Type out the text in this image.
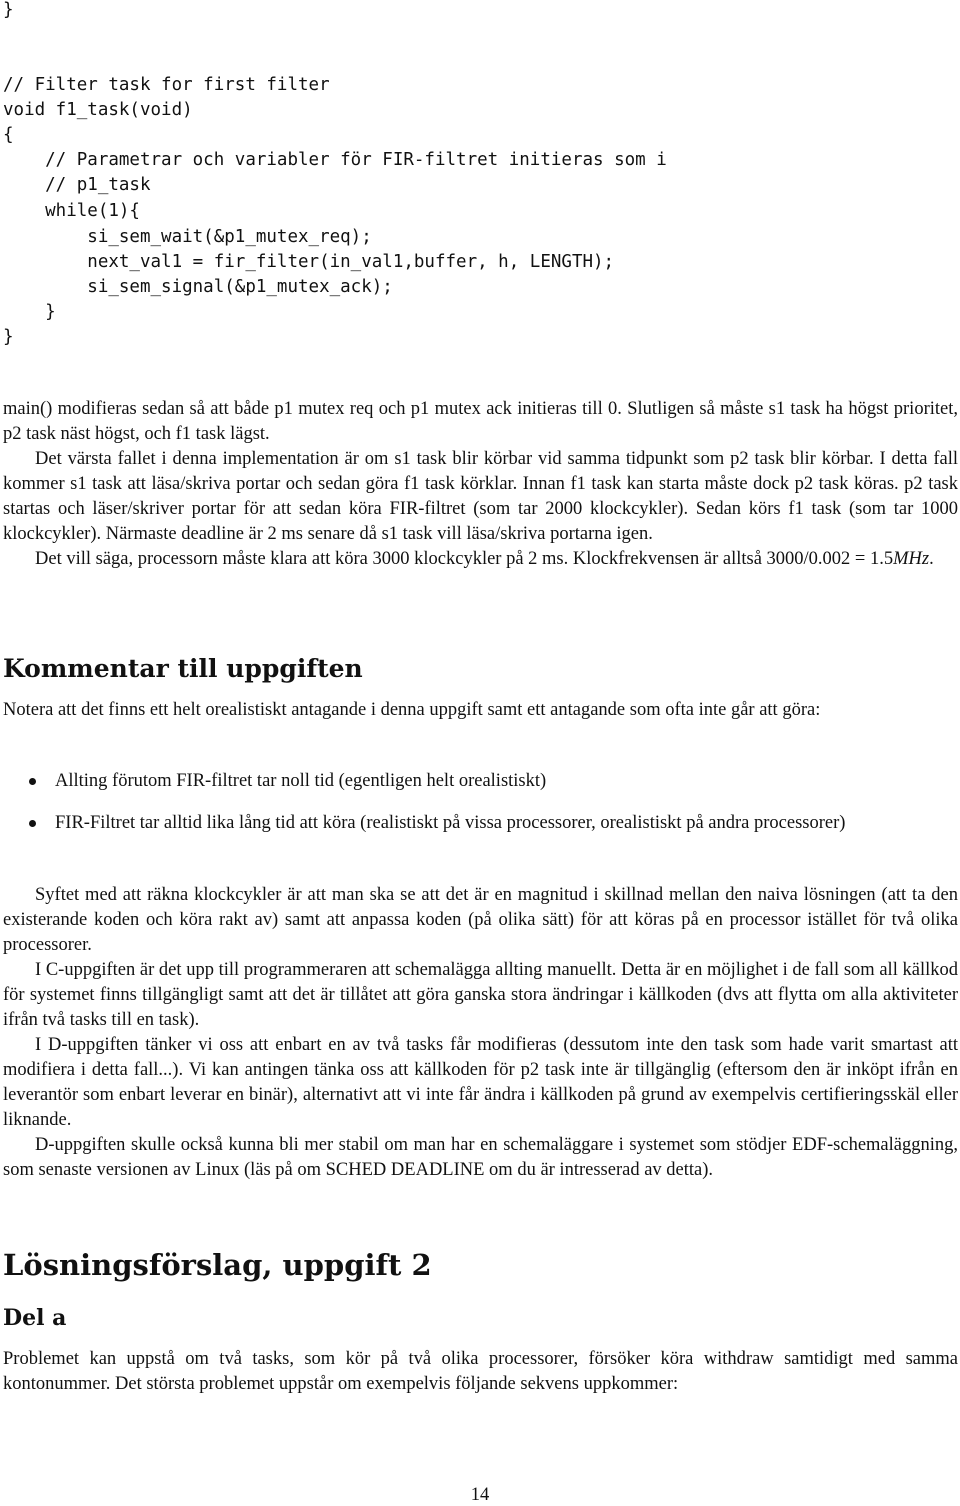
}
// Filter task for first filter
void f1_task(void)
{
// Parametrar och variabler för FIR-filtret initieras som i
// p1_task
while(1){
si_sem_wait(&p1_mutex_req);
next_val1 = fir_filter(in_val1,buffer, h, LENGTH);
si_sem_signal(&p1_mutex_ack);
}
}

main() modifieras sedan så att både p1 mutex req och p1 mutex ack initieras till 0. Slutligen så måste s1 task ha högst prioritet, p2 task näst högst, och f1 task lägst.

Det värsta fallet i denna implementation är om s1 task blir körbar vid samma tidpunkt som p2 task blir körbar. I detta fall kommer s1 task att läsa/skriva portar och sedan göra f1 task körklar. Innan f1 task kan starta måste dock p2 task köras. p2 task startas och läser/skriver portar för att sedan köra FIR-filtret (som tar 2000 klockcykler). Sedan körs f1 task (som tar 1000 klockcykler). Närmaste deadline är 2 ms senare då s1 task vill läsa/skriva portarna igen.

Det vill säga, processorn måste klara att köra 3000 klockcykler på 2 ms. Klockfrekvensen är alltså 3000/0.002 = 1.5MHz.

Kommentar till uppgiften

Notera att det finns ett helt orealistiskt antagande i denna uppgift samt ett antagande som ofta inte går att göra:

Allting förutom FIR-filtret tar noll tid (egentligen helt orealistiskt)
FIR-Filtret tar alltid lika lång tid att köra (realistiskt på vissa processorer, orealistiskt på andra processorer)

Syftet med att räkna klockcykler är att man ska se att det är en magnitud i skillnad mellan den naiva lösningen (att ta den existerande koden och köra rakt av) samt att anpassa koden (på olika sätt) för att köras på en processor istället för två olika processorer.

I C-uppgiften är det upp till programmeraren att schemalägga allting manuellt. Detta är en möjlighet i de fall som all källkod för systemet finns tillgängligt samt att det är tillåtet att göra ganska stora ändringar i källkoden (dvs att flytta om alla aktiviteter ifrån två tasks till en task).

I D-uppgiften tänker vi oss att enbart en av två tasks får modifieras (dessutom inte den task som hade varit smartast att modifiera i detta fall...). Vi kan antingen tänka oss att källkoden för p2 task inte är tillgänglig (eftersom den är inköpt ifrån en leverantör som enbart leverar en binär), alternativt att vi inte får ändra i källkoden på grund av exempelvis certifieringsskäl eller liknande.

D-uppgiften skulle också kunna bli mer stabil om man har en schemaläggare i systemet som stödjer EDF-schemaläggning, som senaste versionen av Linux (läs på om SCHED DEADLINE om du är intresserad av detta).

Lösningsförslag, uppgift 2
Del a

Problemet kan uppstå om två tasks, som kör på två olika processorer, försöker köra withdraw samtidigt med samma kontonummer. Det största problemet uppstår om exempelvis följande sekvens uppkommer:

14
